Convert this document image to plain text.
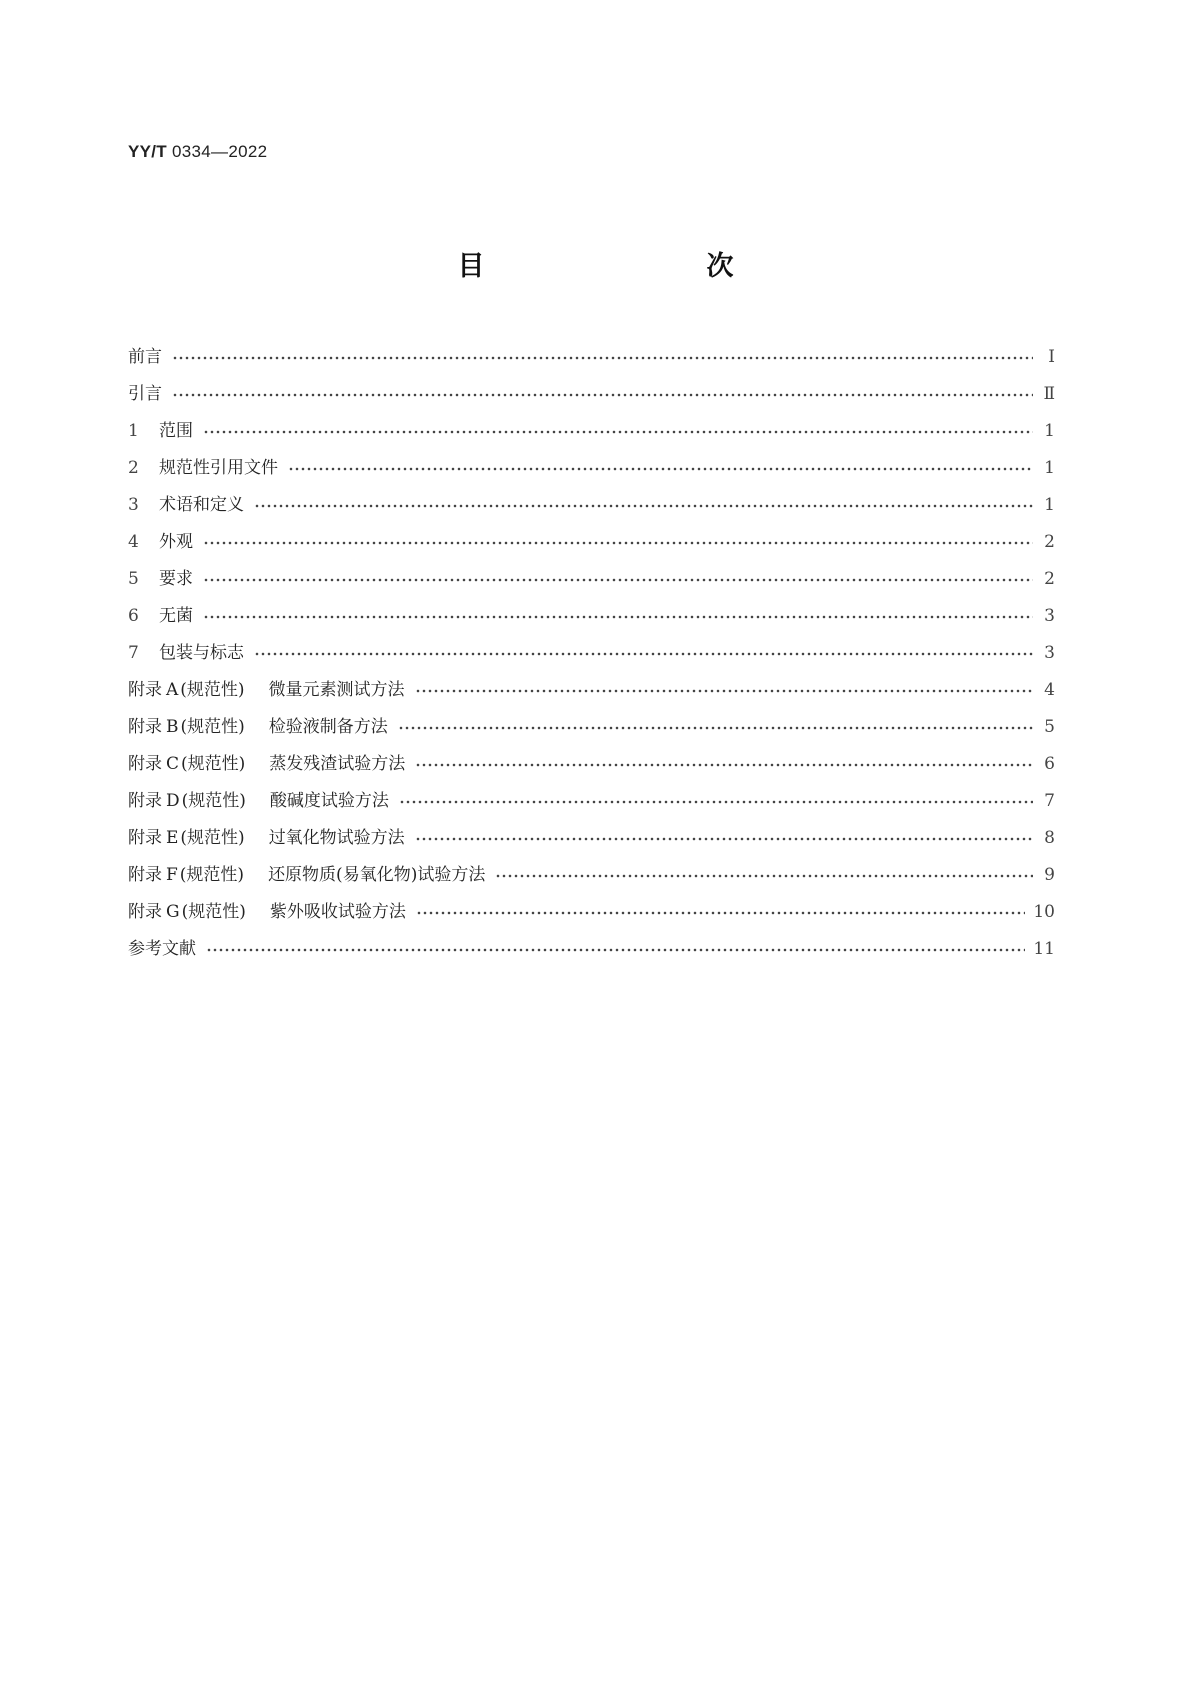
YY/T 0334—2022
目　　次
前言	Ⅰ
引言	Ⅱ
1	范围	1
2	规范性引用文件	1
3	术语和定义	1
4	外观	2
5	要求	2
6	无菌	3
7	包装与标志	3
附录 A (规范性) 微量元素测试方法	4
附录 B (规范性) 检验液制备方法	5
附录 C (规范性) 蒸发残渣试验方法	6
附录 D (规范性) 酸碱度试验方法	7
附录 E (规范性) 过氧化物试验方法	8
附录 F (规范性) 还原物质(易氧化物)试验方法	9
附录 G (规范性) 紫外吸收试验方法	10
参考文献	11
